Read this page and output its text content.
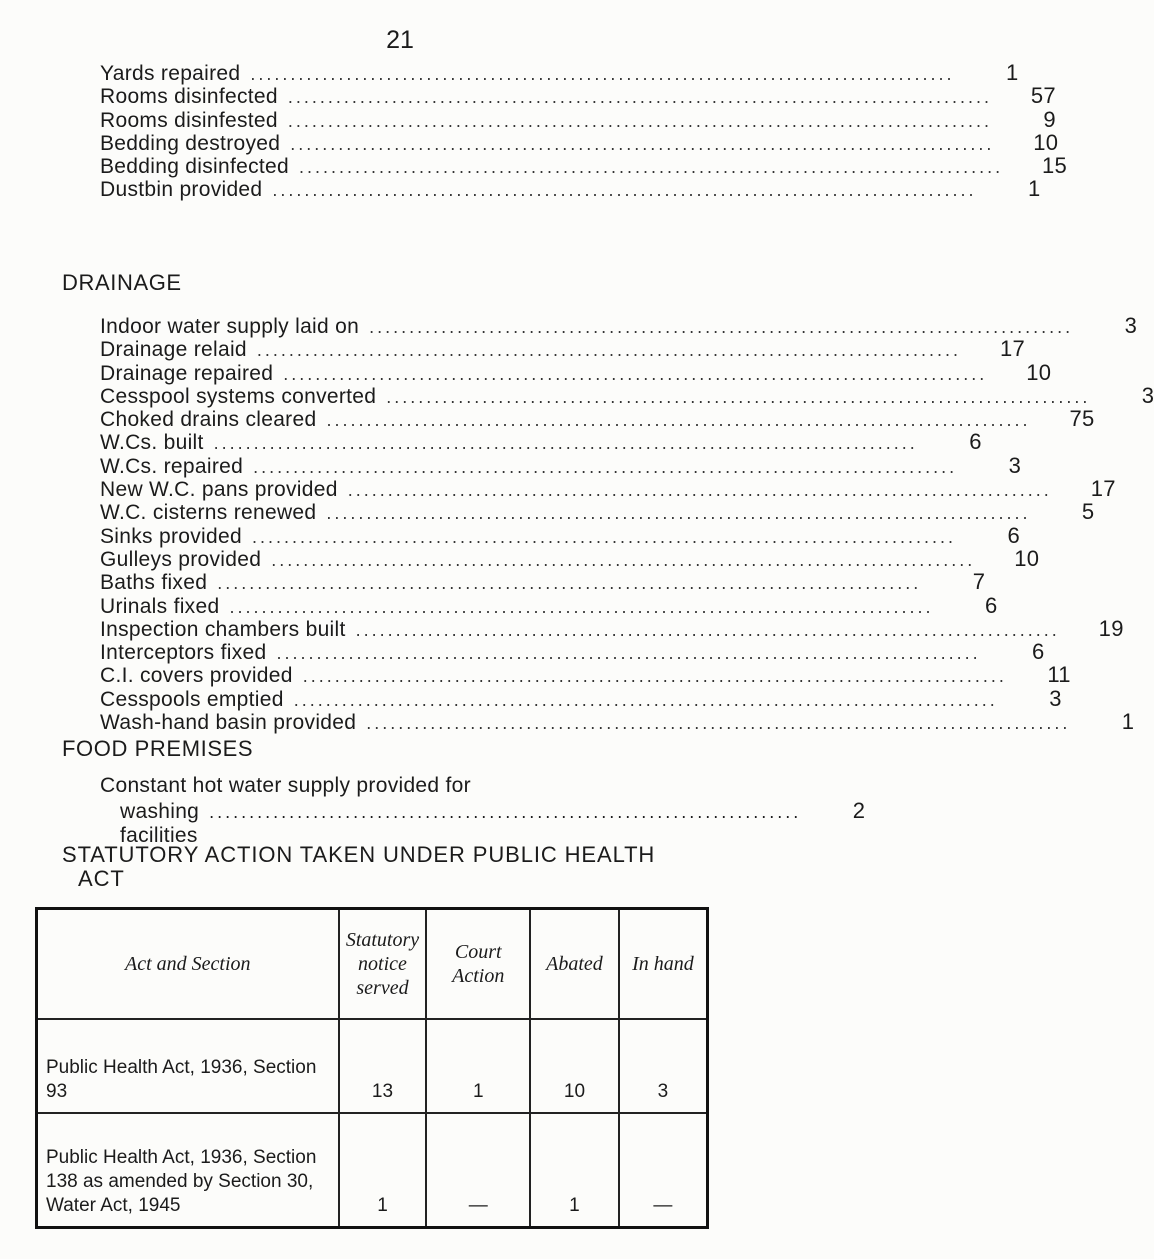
21
Yards repaired ........................................................................................	1
Rooms disinfected ........................................................................................	57
Rooms disinfested ........................................................................................	9
Bedding destroyed ........................................................................................	10
Bedding disinfected ........................................................................................	15
Dustbin provided ........................................................................................	1
DRAINAGE
Indoor water supply laid on ........................................................................................	3
Drainage relaid ........................................................................................	17
Drainage repaired ........................................................................................	10
Cesspool systems converted ........................................................................................	3
Choked drains cleared ........................................................................................	75
W.Cs. built ........................................................................................	6
W.Cs. repaired ........................................................................................	3
New W.C. pans provided ........................................................................................	17
W.C. cisterns renewed ........................................................................................	5
Sinks provided ........................................................................................	6
Gulleys provided ........................................................................................	10
Baths fixed ........................................................................................	7
Urinals fixed ........................................................................................	6
Inspection chambers built ........................................................................................	19
Interceptors fixed ........................................................................................	6
C.I. covers provided ........................................................................................	11
Cesspools emptied ........................................................................................	3
Wash-hand basin provided ........................................................................................	1
FOOD PREMISES
Constant hot water supply provided for
washing facilities
..........................................................................	2
STATUTORY ACTION TAKEN UNDER PUBLIC HEALTH
ACT
Act and Section	Statutory notice served	Court Action	Abated	In hand
Public Health Act, 1936, Section 93	13	1	10	3
Public Health Act, 1936, Section 138 as amended by Section 30, Water Act, 1945	1	—	1	—
